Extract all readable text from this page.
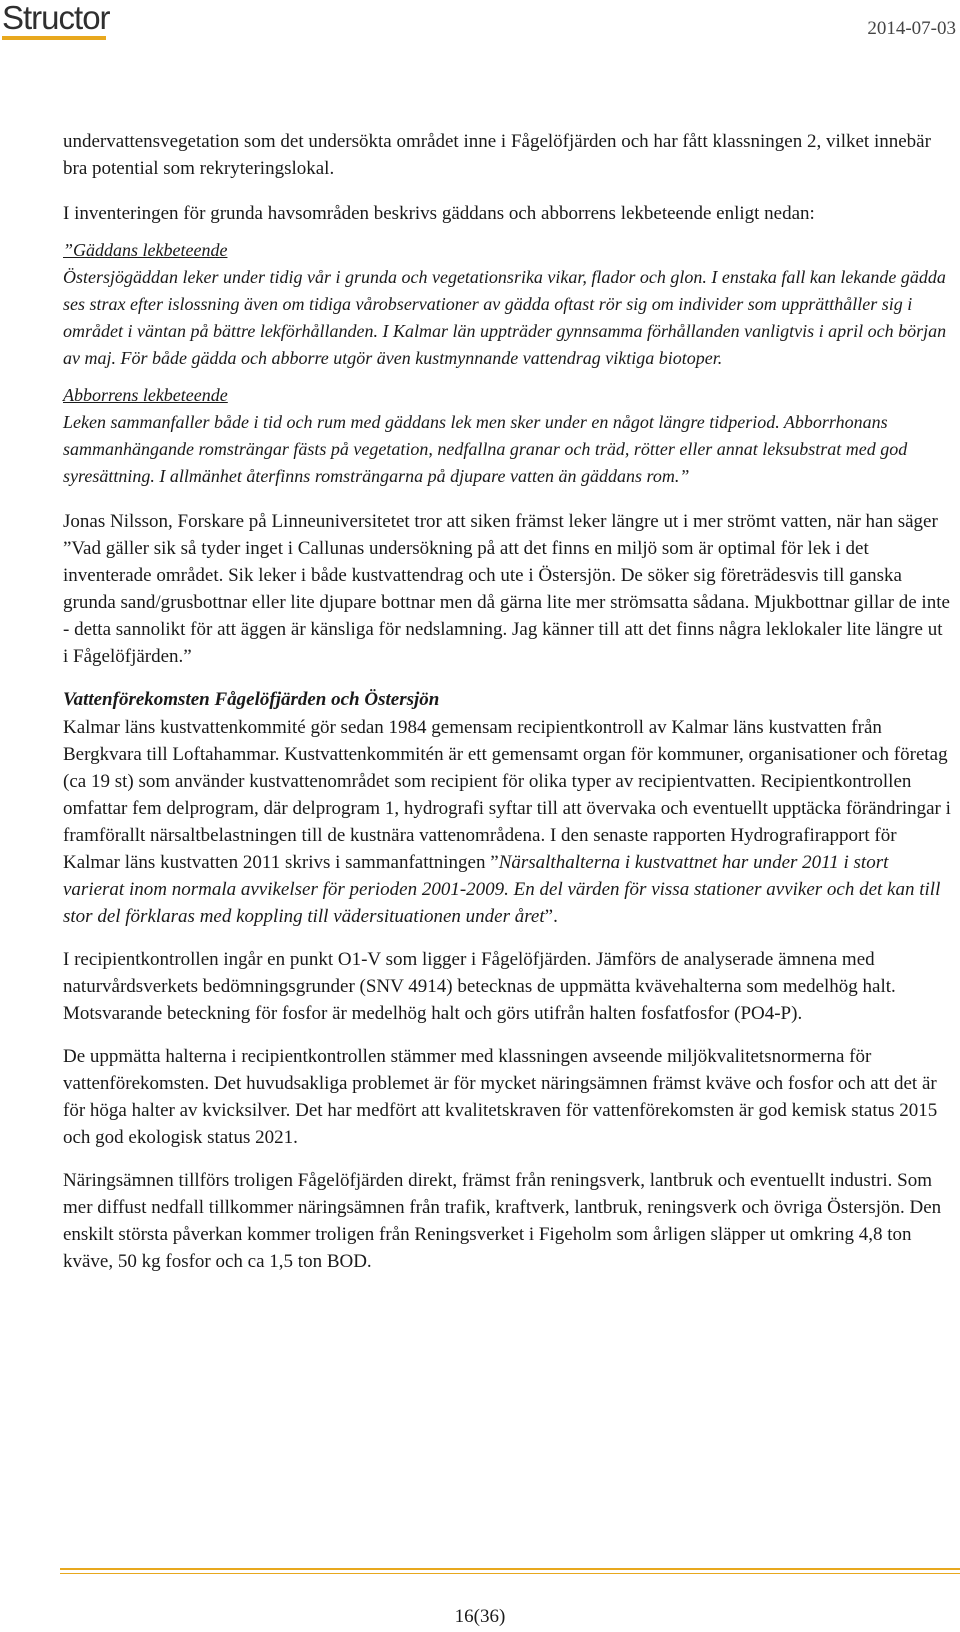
Structor	2014-07-03

undervattensvegetation som det undersökta området inne i Fågelöfjärden och har fått klassningen 2, vilket innebär bra potential som rekryteringslokal.

I inventeringen för grunda havsområden beskrivs gäddans och abborrens lekbeteende enligt nedan:

”Gäddans lekbeteende

Östersjögäddan leker under tidig vår i grunda och vegetationsrika vikar, flador och glon. I enstaka fall kan lekande gädda ses strax efter islossning även om tidiga vårobservationer av gädda oftast rör sig om individer som upprätthåller sig i området i väntan på bättre lekförhållanden. I Kalmar län uppträder gynnsamma förhållanden vanligtvis i april och början av maj. För både gädda och abborre utgör även kustmynnande vattendrag viktiga biotoper.

Abborrens lekbeteende

Leken sammanfaller både i tid och rum med gäddans lek men sker under en något längre tidperiod. Abborrhonans sammanhängande romsträngar fästs på vegetation, nedfallna granar och träd, rötter eller annat leksubstrat med god syresättning. I allmänhet återfinns romsträngarna på djupare vatten än gäddans rom.”

Jonas Nilsson, Forskare på Linneuniversitetet tror att siken främst leker längre ut i mer strömt vatten, när han säger ”Vad gäller sik så tyder inget i Callunas undersökning på att det finns en miljö som är optimal för lek i det inventerade området. Sik leker i både kustvattendrag och ute i Östersjön. De söker sig företrädesvis till ganska grunda sand/grusbottnar eller lite djupare bottnar men då gärna lite mer strömsatta sådana. Mjukbottnar gillar de inte - detta sannolikt för att äggen är känsliga för nedslamning. Jag känner till att det finns några leklokaler lite längre ut i Fågelöfjärden.”

Vattenförekomsten Fågelöfjärden och Östersjön

Kalmar läns kustvattenkommité gör sedan 1984 gemensam recipientkontroll av Kalmar läns kustvatten från Bergkvara till Loftahammar. Kustvattenkommitén är ett gemensamt organ för kommuner, organisationer och företag (ca 19 st) som använder kustvattenområdet som recipient för olika typer av recipientvatten. Recipientkontrollen omfattar fem delprogram, där delprogram 1, hydrografi syftar till att övervaka och eventuellt upptäcka förändringar i framförallt närsaltbelastningen till de kustnära vattenområdena. I den senaste rapporten Hydrografirapport för Kalmar läns kustvatten 2011 skrivs i sammanfattningen ”Närsalthalterna i kustvattnet har under 2011 i stort varierat inom normala avvikelser för perioden 2001-2009. En del värden för vissa stationer avviker och det kan till stor del förklaras med koppling till vädersituationen under året”.

I recipientkontrollen ingår en punkt O1-V som ligger i Fågelöfjärden. Jämförs de analyserade ämnena med naturvårdsverkets bedömningsgrunder (SNV 4914) betecknas de uppmätta kvävehalterna som medelhög halt. Motsvarande beteckning för fosfor är medelhög halt och görs utifrån halten fosfatfosfor (PO4-P).

De uppmätta halterna i recipientkontrollen stämmer med klassningen avseende miljökvalitetsnormerna för vattenförekomsten. Det huvudsakliga problemet är för mycket näringsämnen främst kväve och fosfor och att det är för höga halter av kvicksilver. Det har medfört att kvalitetskraven för vattenförekomsten är god kemisk status 2015 och god ekologisk status 2021.

Näringsämnen tillförs troligen Fågelöfjärden direkt, främst från reningsverk, lantbruk och eventuellt industri. Som mer diffust nedfall tillkommer näringsämnen från trafik, kraftverk, lantbruk, reningsverk och övriga Östersjön. Den enskilt största påverkan kommer troligen från Reningsverket i Figeholm som årligen släpper ut omkring 4,8 ton kväve, 50 kg fosfor och ca 1,5 ton BOD.

16(36)
